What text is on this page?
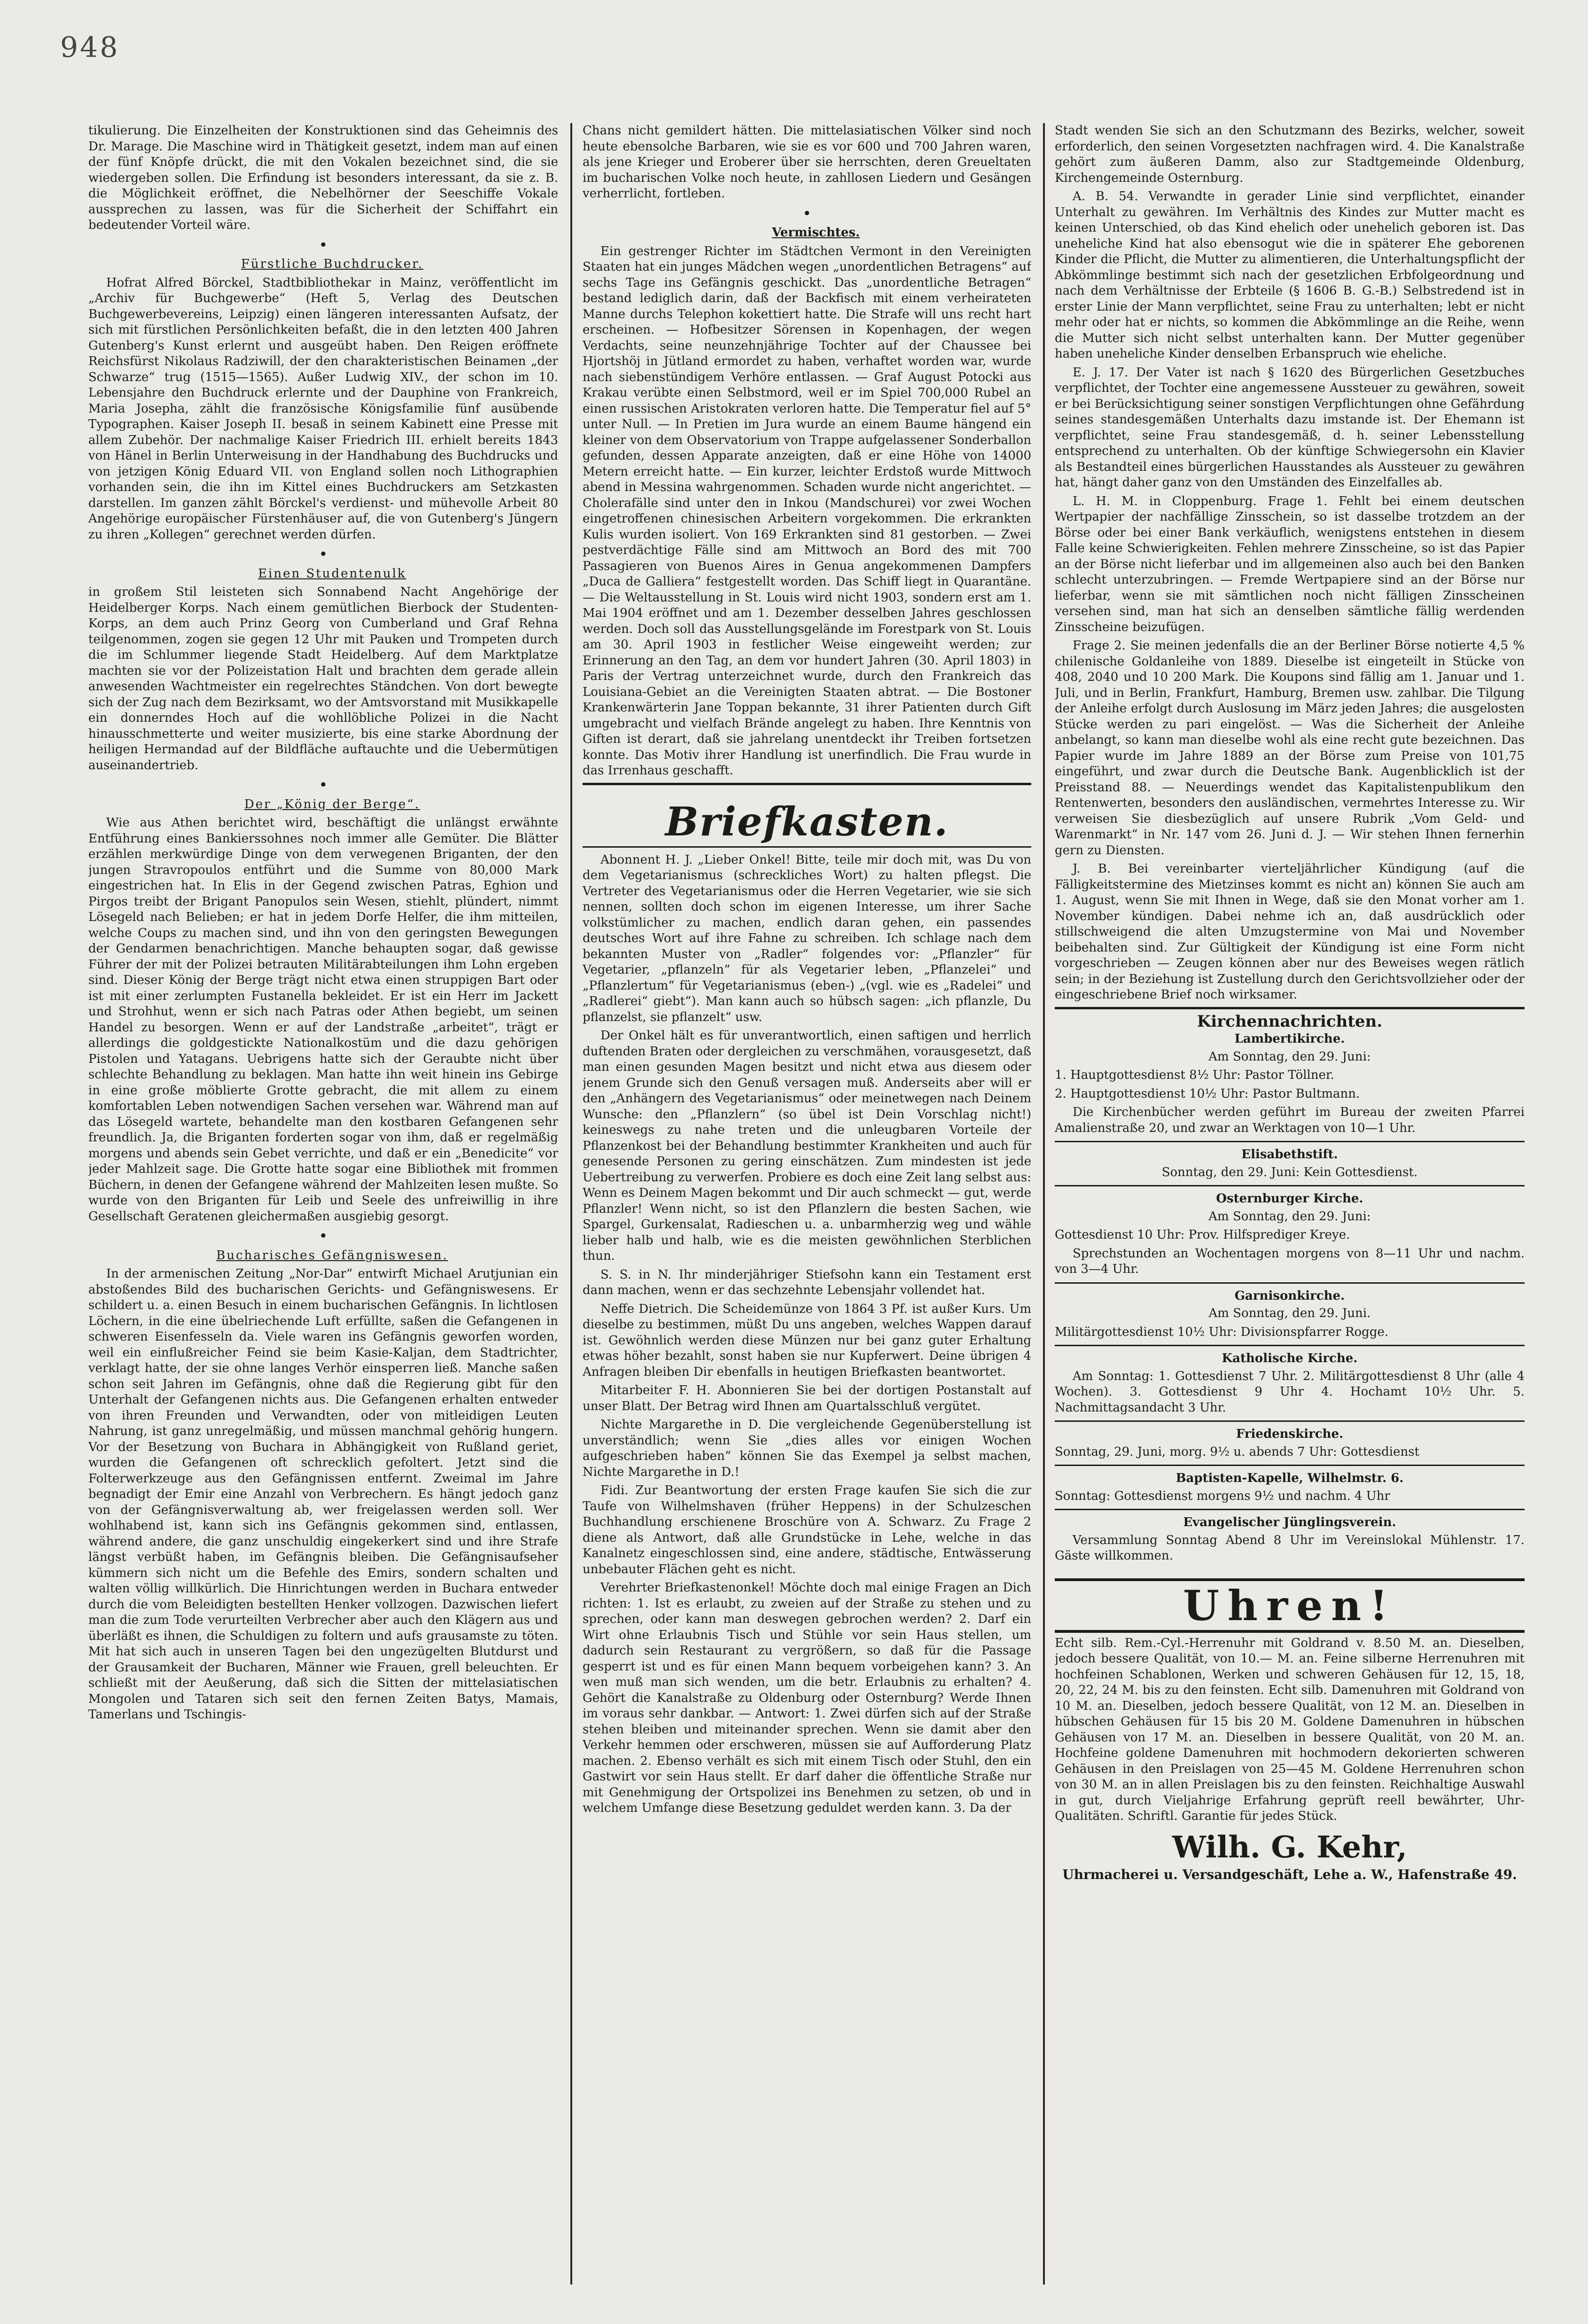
948

tikulierung. Die Einzelheiten der Konstruktionen sind das Geheimnis des Dr. Marage. Die Maschine wird in Thätigkeit gesetzt, indem man auf einen der fünf Knöpfe drückt, die mit den Vokalen bezeichnet sind, die sie wiedergeben sollen. Die Erfindung ist besonders interessant, da sie z. B. die Möglichkeit eröffnet, die Nebelhörner der Seeschiffe Vokale aussprechen zu lassen, was für die Sicherheit der Schiffahrt ein bedeutender Vorteil wäre.

•

Fürstliche Buchdrucker.

Hofrat Alfred Börckel, Stadtbibliothekar in Mainz, veröffentlicht im „Archiv für Buchgewerbe“ (Heft 5, Verlag des Deutschen Buchgewerbevereins, Leipzig) einen längeren interessanten Aufsatz, der sich mit fürstlichen Persönlichkeiten befaßt, die in den letzten 400 Jahren Gutenberg's Kunst erlernt und ausgeübt haben. Den Reigen eröffnete Reichsfürst Nikolaus Radziwill, der den charakteristischen Beinamen „der Schwarze“ trug (1515—1565). Außer Ludwig XIV., der schon im 10. Lebensjahre den Buchdruck erlernte und der Dauphine von Frankreich, Maria Josepha, zählt die französische Königsfamilie fünf ausübende Typographen. Kaiser Joseph II. besaß in seinem Kabinett eine Presse mit allem Zubehör. Der nachmalige Kaiser Friedrich III. erhielt bereits 1843 von Hänel in Berlin Unterweisung in der Handhabung des Buchdrucks und von jetzigen König Eduard VII. von England sollen noch Lithographien vorhanden sein, die ihn im Kittel eines Buchdruckers am Setzkasten darstellen. Im ganzen zählt Börckel's verdienst- und mühevolle Arbeit 80 Angehörige europäischer Fürstenhäuser auf, die von Gutenberg's Jüngern zu ihren „Kollegen“ gerechnet werden dürfen.

•

Einen Studentenulk

in großem Stil leisteten sich Sonnabend Nacht Angehörige der Heidelberger Korps. Nach einem gemütlichen Bierbock der Studenten-Korps, an dem auch Prinz Georg von Cumberland und Graf Rehna teilgenommen, zogen sie gegen 12 Uhr mit Pauken und Trompeten durch die im Schlummer liegende Stadt Heidelberg. Auf dem Marktplatze machten sie vor der Polizeistation Halt und brachten dem gerade allein anwesenden Wachtmeister ein regelrechtes Ständchen. Von dort bewegte sich der Zug nach dem Bezirksamt, wo der Amtsvorstand mit Musikkapelle ein donnerndes Hoch auf die wohllöbliche Polizei in die Nacht hinausschmetterte und weiter musizierte, bis eine starke Abordnung der heiligen Hermandad auf der Bildfläche auftauchte und die Uebermütigen auseinandertrieb.

•

Der „König der Berge“.

Wie aus Athen berichtet wird, beschäftigt die unlängst erwähnte Entführung eines Bankierssohnes noch immer alle Gemüter. Die Blätter erzählen merkwürdige Dinge von dem verwegenen Briganten, der den jungen Stravropoulos entführt und die Summe von 80,000 Mark eingestrichen hat. In Elis in der Gegend zwischen Patras, Eghion und Pirgos treibt der Brigant Panopulos sein Wesen, stiehlt, plündert, nimmt Lösegeld nach Belieben; er hat in jedem Dorfe Helfer, die ihm mitteilen, welche Coups zu machen sind, und ihn von den geringsten Bewegungen der Gendarmen benachrichtigen. Manche behaupten sogar, daß gewisse Führer der mit der Polizei betrauten Militärabteilungen ihm Lohn ergeben sind. Dieser König der Berge trägt nicht etwa einen struppigen Bart oder ist mit einer zerlumpten Fustanella bekleidet. Er ist ein Herr im Jackett und Strohhut, wenn er sich nach Patras oder Athen begiebt, um seinen Handel zu besorgen. Wenn er auf der Landstraße „arbeitet“, trägt er allerdings die goldgestickte Nationalkostüm und die dazu gehörigen Pistolen und Yatagans. Uebrigens hatte sich der Geraubte nicht über schlechte Behandlung zu beklagen. Man hatte ihn weit hinein ins Gebirge in eine große möblierte Grotte gebracht, die mit allem zu einem komfortablen Leben notwendigen Sachen versehen war. Während man auf das Lösegeld wartete, behandelte man den kostbaren Gefangenen sehr freundlich. Ja, die Briganten forderten sogar von ihm, daß er regelmäßig morgens und abends sein Gebet verrichte, und daß er ein „Benedicite“ vor jeder Mahlzeit sage. Die Grotte hatte sogar eine Bibliothek mit frommen Büchern, in denen der Gefangene während der Mahlzeiten lesen mußte. So wurde von den Briganten für Leib und Seele des unfreiwillig in ihre Gesellschaft Geratenen gleichermaßen ausgiebig gesorgt.

•

Bucharisches Gefängniswesen.

In der armenischen Zeitung „Nor-Dar“ entwirft Michael Arutjunian ein abstoßendes Bild des bucharischen Gerichts- und Gefängniswesens. Er schildert u. a. einen Besuch in einem bucharischen Gefängnis. In lichtlosen Löchern, in die eine übelriechende Luft erfüllte, saßen die Gefangenen in schweren Eisenfesseln da. Viele waren ins Gefängnis geworfen worden, weil ein einflußreicher Feind sie beim Kasie-Kaljan, dem Stadtrichter, verklagt hatte, der sie ohne langes Verhör einsperren ließ. Manche saßen schon seit Jahren im Gefängnis, ohne daß die Regierung gibt für den Unterhalt der Gefangenen nichts aus. Die Gefangenen erhalten entweder von ihren Freunden und Verwandten, oder von mitleidigen Leuten Nahrung, ist ganz unregelmäßig, und müssen manchmal gehörig hungern. Vor der Besetzung von Buchara in Abhängigkeit von Rußland geriet, wurden die Gefangenen oft schrecklich gefoltert. Jetzt sind die Folterwerkzeuge aus den Gefängnissen entfernt. Zweimal im Jahre begnadigt der Emir eine Anzahl von Verbrechern. Es hängt jedoch ganz von der Gefängnisverwaltung ab, wer freigelassen werden soll. Wer wohlhabend ist, kann sich ins Gefängnis gekommen sind, entlassen, während andere, die ganz unschuldig eingekerkert sind und ihre Strafe längst verbüßt haben, im Gefängnis bleiben. Die Gefängnisaufseher kümmern sich nicht um die Befehle des Emirs, sondern schalten und walten völlig willkürlich. Die Hinrichtungen werden in Buchara entweder durch die vom Beleidigten bestellten Henker vollzogen. Dazwischen liefert man die zum Tode verurteilten Verbrecher aber auch den Klägern aus und überläßt es ihnen, die Schuldigen zu foltern und aufs grausamste zu töten. Mit hat sich auch in unseren Tagen bei den ungezügelten Blutdurst und der Grausamkeit der Bucharen, Männer wie Frauen, grell beleuchten. Er schließt mit der Aeußerung, daß sich die Sitten der mittelasiatischen Mongolen und Tataren sich seit den fernen Zeiten Batys, Mamais, Tamerlans und Tschingis-

Chans nicht gemildert hätten. Die mittelasiatischen Völker sind noch heute ebensolche Barbaren, wie sie es vor 600 und 700 Jahren waren, als jene Krieger und Eroberer über sie herrschten, deren Greueltaten im bucharischen Volke noch heute, in zahllosen Liedern und Gesängen verherrlicht, fortleben.

•

Vermischtes.

Ein gestrenger Richter im Städtchen Vermont in den Vereinigten Staaten hat ein junges Mädchen wegen „unordentlichen Betragens“ auf sechs Tage ins Gefängnis geschickt. Das „unordentliche Betragen“ bestand lediglich darin, daß der Backfisch mit einem verheirateten Manne durchs Telephon kokettiert hatte. Die Strafe will uns recht hart erscheinen. — Hofbesitzer Sörensen in Kopenhagen, der wegen Verdachts, seine neunzehnjährige Tochter auf der Chaussee bei Hjortshöj in Jütland ermordet zu haben, verhaftet worden war, wurde nach siebenstündigem Verhöre entlassen. — Graf August Potocki aus Krakau verübte einen Selbstmord, weil er im Spiel 700,000 Rubel an einen russischen Aristokraten verloren hatte. Die Temperatur fiel auf 5° unter Null. — In Pretien im Jura wurde an einem Baume hängend ein kleiner von dem Observatorium von Trappe aufgelassener Sonderballon gefunden, dessen Apparate anzeigten, daß er eine Höhe von 14000 Metern erreicht hatte. — Ein kurzer, leichter Erdstoß wurde Mittwoch abend in Messina wahrgenommen. Schaden wurde nicht angerichtet. — Cholerafälle sind unter den in Inkou (Mandschurei) vor zwei Wochen eingetroffenen chinesischen Arbeitern vorgekommen. Die erkrankten Kulis wurden isoliert. Von 169 Erkrankten sind 81 gestorben. — Zwei pestverdächtige Fälle sind am Mittwoch an Bord des mit 700 Passagieren von Buenos Aires in Genua angekommenen Dampfers „Duca de Galliera“ festgestellt worden. Das Schiff liegt in Quarantäne. — Die Weltausstellung in St. Louis wird nicht 1903, sondern erst am 1. Mai 1904 eröffnet und am 1. Dezember desselben Jahres geschlossen werden. Doch soll das Ausstellungsgelände im Forestpark von St. Louis am 30. April 1903 in festlicher Weise eingeweiht werden; zur Erinnerung an den Tag, an dem vor hundert Jahren (30. April 1803) in Paris der Vertrag unterzeichnet wurde, durch den Frankreich das Louisiana-Gebiet an die Vereinigten Staaten abtrat. — Die Bostoner Krankenwärterin Jane Toppan bekannte, 31 ihrer Patienten durch Gift umgebracht und vielfach Brände angelegt zu haben. Ihre Kenntnis von Giften ist derart, daß sie jahrelang unentdeckt ihr Treiben fortsetzen konnte. Das Motiv ihrer Handlung ist unerfindlich. Die Frau wurde in das Irrenhaus geschafft.

Briefkasten.

Abonnent H. J. „Lieber Onkel! Bitte, teile mir doch mit, was Du von dem Vegetarianismus (schreckliches Wort) zu halten pflegst. Die Vertreter des Vegetarianismus oder die Herren Vegetarier, wie sie sich nennen, sollten doch schon im eigenen Interesse, um ihrer Sache volkstümlicher zu machen, endlich daran gehen, ein passendes deutsches Wort auf ihre Fahne zu schreiben. Ich schlage nach dem bekannten Muster von „Radler“ folgendes vor: „Pflanzler“ für Vegetarier, „pflanzeln“ für als Vegetarier leben, „Pflanzelei“ und „Pflanzlertum“ für Vegetarianismus (eben-) „(vgl. wie es „Radelei“ und „Radlerei“ giebt“). Man kann auch so hübsch sagen: „ich pflanzle, Du pflanzelst, sie pflanzelt“ usw.

Der Onkel hält es für unverantwortlich, einen saftigen und herrlich duftenden Braten oder dergleichen zu verschmähen, vorausgesetzt, daß man einen gesunden Magen besitzt und nicht etwa aus diesem oder jenem Grunde sich den Genuß versagen muß. Anderseits aber will er den „Anhängern des Vegetarianismus“ oder meinetwegen nach Deinem Wunsche: den „Pflanzlern“ (so übel ist Dein Vorschlag nicht!) keineswegs zu nahe treten und die unleugbaren Vorteile der Pflanzenkost bei der Behandlung bestimmter Krankheiten und auch für genesende Personen zu gering einschätzen. Zum mindesten ist jede Uebertreibung zu verwerfen. Probiere es doch eine Zeit lang selbst aus: Wenn es Deinem Magen bekommt und Dir auch schmeckt — gut, werde Pflanzler! Wenn nicht, so ist den Pflanzlern die besten Sachen, wie Spargel, Gurkensalat, Radieschen u. a. unbarmherzig weg und wähle lieber halb und halb, wie es die meisten gewöhnlichen Sterblichen thun.

S. S. in N. Ihr minderjähriger Stiefsohn kann ein Testament erst dann machen, wenn er das sechzehnte Lebensjahr vollendet hat.

Neffe Dietrich. Die Scheidemünze von 1864 3 Pf. ist außer Kurs. Um dieselbe zu bestimmen, müßt Du uns angeben, welches Wappen darauf ist. Gewöhnlich werden diese Münzen nur bei ganz guter Erhaltung etwas höher bezahlt, sonst haben sie nur Kupferwert. Deine übrigen 4 Anfragen bleiben Dir ebenfalls in heutigen Briefkasten beantwortet.

Mitarbeiter F. H. Abonnieren Sie bei der dortigen Postanstalt auf unser Blatt. Der Betrag wird Ihnen am Quartalsschluß vergütet.

Nichte Margarethe in D. Die vergleichende Gegenüberstellung ist unverständlich; wenn Sie „dies alles vor einigen Wochen aufgeschrieben haben“ können Sie das Exempel ja selbst machen, Nichte Margarethe in D.!

Fidi. Zur Beantwortung der ersten Frage kaufen Sie sich die zur Taufe von Wilhelmshaven (früher Heppens) in der Schulzeschen Buchhandlung erschienene Broschüre von A. Schwarz. Zu Frage 2 diene als Antwort, daß alle Grundstücke in Lehe, welche in das Kanalnetz eingeschlossen sind, eine andere, städtische, Entwässerung unbebauter Flächen geht es nicht.

Verehrter Briefkastenonkel! Möchte doch mal einige Fragen an Dich richten: 1. Ist es erlaubt, zu zweien auf der Straße zu stehen und zu sprechen, oder kann man deswegen gebrochen werden? 2. Darf ein Wirt ohne Erlaubnis Tisch und Stühle vor sein Haus stellen, um dadurch sein Restaurant zu vergrößern, so daß für die Passage gesperrt ist und es für einen Mann bequem vorbeigehen kann? 3. An wen muß man sich wenden, um die betr. Erlaubnis zu erhalten? 4. Gehört die Kanalstraße zu Oldenburg oder Osternburg? Werde Ihnen im voraus sehr dankbar. — Antwort: 1. Zwei dürfen sich auf der Straße stehen bleiben und miteinander sprechen. Wenn sie damit aber den Verkehr hemmen oder erschweren, müssen sie auf Aufforderung Platz machen. 2. Ebenso verhält es sich mit einem Tisch oder Stuhl, den ein Gastwirt vor sein Haus stellt. Er darf daher die öffentliche Straße nur mit Genehmigung der Ortspolizei ins Benehmen zu setzen, ob und in welchem Umfange diese Besetzung geduldet werden kann. 3. Da der

Stadt wenden Sie sich an den Schutzmann des Bezirks, welcher, soweit erforderlich, den seinen Vorgesetzten nachfragen wird. 4. Die Kanalstraße gehört zum äußeren Damm, also zur Stadtgemeinde Oldenburg, Kirchengemeinde Osternburg.

A. B. 54. Verwandte in gerader Linie sind verpflichtet, einander Unterhalt zu gewähren. Im Verhältnis des Kindes zur Mutter macht es keinen Unterschied, ob das Kind ehelich oder unehelich geboren ist. Das uneheliche Kind hat also ebensogut wie die in späterer Ehe geborenen Kinder die Pflicht, die Mutter zu alimentieren, die Unterhaltungspflicht der Abkömmlinge bestimmt sich nach der gesetzlichen Erbfolgeordnung und nach dem Verhältnisse der Erbteile (§ 1606 B. G.-B.) Selbstredend ist in erster Linie der Mann verpflichtet, seine Frau zu unterhalten; lebt er nicht mehr oder hat er nichts, so kommen die Abkömmlinge an die Reihe, wenn die Mutter sich nicht selbst unterhalten kann. Der Mutter gegenüber haben uneheliche Kinder denselben Erbanspruch wie eheliche.

E. J. 17. Der Vater ist nach § 1620 des Bürgerlichen Gesetzbuches verpflichtet, der Tochter eine angemessene Aussteuer zu gewähren, soweit er bei Berücksichtigung seiner sonstigen Verpflichtungen ohne Gefährdung seines standesgemäßen Unterhalts dazu imstande ist. Der Ehemann ist verpflichtet, seine Frau standesgemäß, d. h. seiner Lebensstellung entsprechend zu unterhalten. Ob der künftige Schwiegersohn ein Klavier als Bestandteil eines bürgerlichen Hausstandes als Aussteuer zu gewähren hat, hängt daher ganz von den Umständen des Einzelfalles ab.

L. H. M. in Cloppenburg. Frage 1. Fehlt bei einem deutschen Wertpapier der nachfällige Zinsschein, so ist dasselbe trotzdem an der Börse oder bei einer Bank verkäuflich, wenigstens entstehen in diesem Falle keine Schwierigkeiten. Fehlen mehrere Zinsscheine, so ist das Papier an der Börse nicht lieferbar und im allgemeinen also auch bei den Banken schlecht unterzubringen. — Fremde Wertpapiere sind an der Börse nur lieferbar, wenn sie mit sämtlichen noch nicht fälligen Zinsscheinen versehen sind, man hat sich an denselben sämtliche fällig werdenden Zinsscheine beizufügen.

Frage 2. Sie meinen jedenfalls die an der Berliner Börse notierte 4,5 % chilenische Goldanleihe von 1889. Dieselbe ist eingeteilt in Stücke von 408, 2040 und 10 200 Mark. Die Koupons sind fällig am 1. Januar und 1. Juli, und in Berlin, Frankfurt, Hamburg, Bremen usw. zahlbar. Die Tilgung der Anleihe erfolgt durch Auslosung im März jeden Jahres; die ausgelosten Stücke werden zu pari eingelöst. — Was die Sicherheit der Anleihe anbelangt, so kann man dieselbe wohl als eine recht gute bezeichnen. Das Papier wurde im Jahre 1889 an der Börse zum Preise von 101,75 eingeführt, und zwar durch die Deutsche Bank. Augenblicklich ist der Preisstand 88. — Neuerdings wendet das Kapitalistenpublikum den Rentenwerten, besonders den ausländischen, vermehrtes Interesse zu. Wir verweisen Sie diesbezüglich auf unsere Rubrik „Vom Geld- und Warenmarkt“ in Nr. 147 vom 26. Juni d. J. — Wir stehen Ihnen fernerhin gern zu Diensten.

J. B. Bei vereinbarter vierteljährlicher Kündigung (auf die Fälligkeitstermine des Mietzinses kommt es nicht an) können Sie auch am 1. August, wenn Sie mit Ihnen in Wege, daß sie den Monat vorher am 1. November kündigen. Dabei nehme ich an, daß ausdrücklich oder stillschweigend die alten Umzugstermine von Mai und November beibehalten sind. Zur Gültigkeit der Kündigung ist eine Form nicht vorgeschrieben — Zeugen können aber nur des Beweises wegen rätlich sein; in der Beziehung ist Zustellung durch den Gerichtsvollzieher oder der eingeschriebene Brief noch wirksamer.

Kirchennachrichten.
Lambertikirche.

Am Sonntag, den 29. Juni:

1. Hauptgottesdienst 8½ Uhr: Pastor Töllner.

2. Hauptgottesdienst 10½ Uhr: Pastor Bultmann.

Die Kirchenbücher werden geführt im Bureau der zweiten Pfarrei Amalienstraße 20, und zwar an Werktagen von 10—1 Uhr.

Elisabethstift.

Sonntag, den 29. Juni: Kein Gottesdienst.

Osternburger Kirche.

Am Sonntag, den 29. Juni:

Gottesdienst 10 Uhr: Prov. Hilfsprediger Kreye.

Sprechstunden an Wochentagen morgens von 8—11 Uhr und nachm. von 3—4 Uhr.

Garnisonkirche.

Am Sonntag, den 29. Juni.

Militärgottesdienst 10½ Uhr: Divisionspfarrer Rogge.

Katholische Kirche.

Am Sonntag: 1. Gottesdienst 7 Uhr. 2. Militärgottesdienst 8 Uhr (alle 4 Wochen). 3. Gottesdienst 9 Uhr 4. Hochamt 10½ Uhr. 5. Nachmittagsandacht 3 Uhr.

Friedenskirche.

Sonntag, 29. Juni, morg. 9½ u. abends 7 Uhr: Gottesdienst

Baptisten-Kapelle, Wilhelmstr. 6.

Sonntag: Gottesdienst morgens 9½ und nachm. 4 Uhr

Evangelischer Jünglingsverein.

Versammlung Sonntag Abend 8 Uhr im Vereinslokal Mühlenstr. 17. Gäste willkommen.

Uhren!

Echt silb. Rem.-Cyl.-Herrenuhr mit Goldrand v. 8.50 M. an. Dieselben, jedoch bessere Qualität, von 10.— M. an. Feine silberne Herrenuhren mit hochfeinen Schablonen, Werken und schweren Gehäusen für 12, 15, 18, 20, 22, 24 M. bis zu den feinsten. Echt silb. Damenuhren mit Goldrand von 10 M. an. Dieselben, jedoch bessere Qualität, von 12 M. an. Dieselben in hübschen Gehäusen für 15 bis 20 M. Goldene Damenuhren in hübschen Gehäusen von 17 M. an. Dieselben in bessere Qualität, von 20 M. an. Hochfeine goldene Damenuhren mit hochmodern dekorierten schweren Gehäusen in den Preislagen von 25—45 M. Goldene Herrenuhren schon von 30 M. an in allen Preislagen bis zu den feinsten. Reichhaltige Auswahl in gut, durch Vieljahrige Erfahrung geprüft reell bewährter, Uhr-Qualitäten. Schriftl. Garantie für jedes Stück.

Wilh. G. Kehr,
Uhrmacherei u. Versandgeschäft, Lehe a. W., Hafenstraße 49.
